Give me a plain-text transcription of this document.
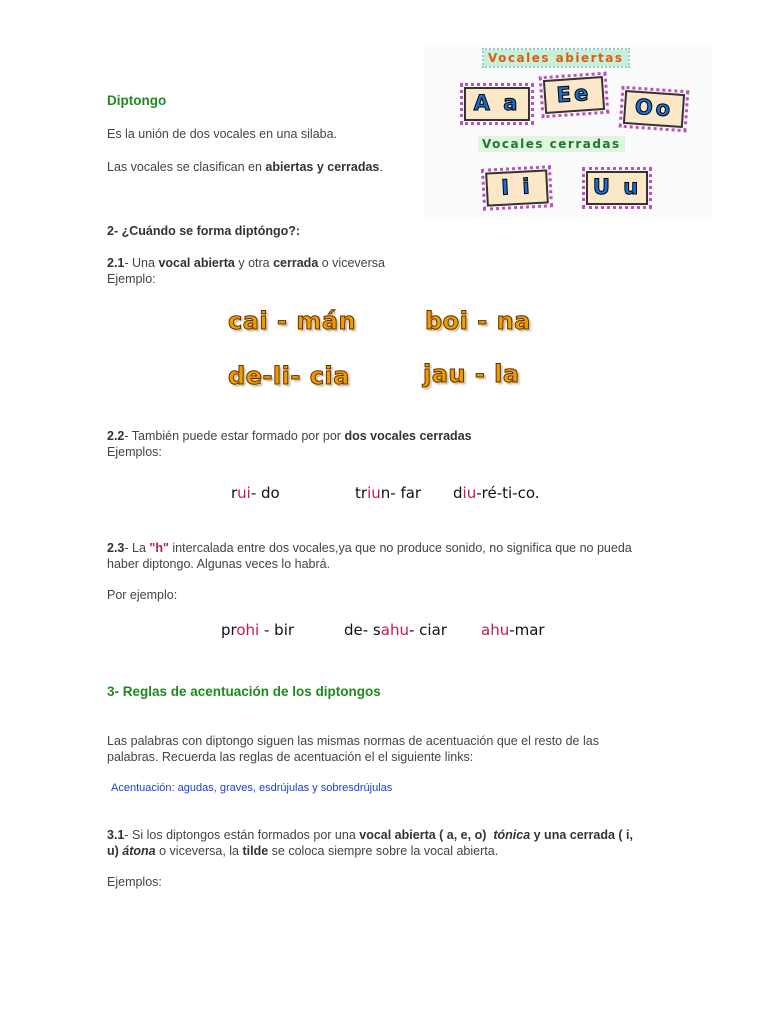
Diptongo
Es la unión de dos vocales en una silaba.
Las vocales se clasifican en abiertas y cerradas.
Vocales abiertas
A a	Ee
Oo
Vocales cerradas
I i	U u
2- ¿Cuándo se forma diptóngo?:
2.1- Una vocal abierta y otra cerrada o viceversa
Ejemplo:
cai - mán	boi - na
de-li- cia	jau - la
2.2- También puede estar formado por por dos vocales cerradas
Ejemplos:
rui- do	triun- far diu-ré-ti-co.
2.3- La "h" intercalada entre dos vocales,ya que no produce sonido, no significa que no pueda
haber diptongo. Algunas veces lo habrá.
Por ejemplo:
prohi - bir	de- sahu- ciar ahu-mar
3- Reglas de acentuación de los diptongos
Las palabras con diptongo siguen las mismas normas de acentuación que el resto de las
palabras. Recuerda las reglas de acentuación el el siguiente links:
Acentuación: agudas, graves, esdrújulas y sobresdrújulas
3.1- Si los diptongos están formados por una vocal abierta ( a, e, o) tónica y una cerrada ( i,
u) átona o viceversa, la tilde se coloca siempre sobre la vocal abierta.
Ejemplos:
